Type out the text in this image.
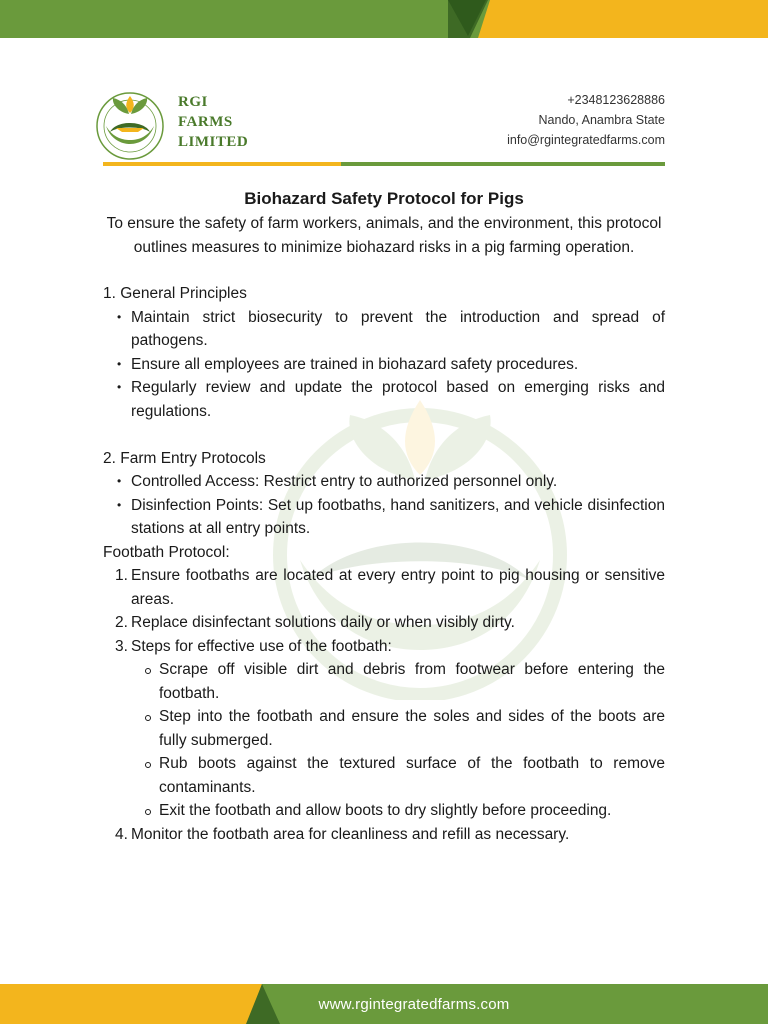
RGI
FARMS
LIMITED
+2348123628886
Nando, Anambra State
info@rgintegratedfarms.com
Biohazard Safety Protocol for Pigs

To ensure the safety of farm workers, animals, and the environment, this protocol outlines measures to minimize biohazard risks in a pig farming operation.

1. General Principles

• Maintain strict biosecurity to prevent the introduction and spread of pathogens.
• Ensure all employees are trained in biohazard safety procedures.
• Regularly review and update the protocol based on emerging risks and regulations.

2. Farm Entry Protocols

• Controlled Access: Restrict entry to authorized personnel only.
• Disinfection Points: Set up footbaths, hand sanitizers, and vehicle disinfection stations at all entry points.

Footbath Protocol:

1. Ensure footbaths are located at every entry point to pig housing or sensitive areas.
2. Replace disinfectant solutions daily or when visibly dirty.
3. Steps for effective use of the footbath:
Scrape off visible dirt and debris from footwear before entering the footbath.
Step into the footbath and ensure the soles and sides of the boots are fully submerged.
Rub boots against the textured surface of the footbath to remove contaminants.
Exit the footbath and allow boots to dry slightly before proceeding.
4. Monitor the footbath area for cleanliness and refill as necessary.
www.rgintegratedfarms.com
